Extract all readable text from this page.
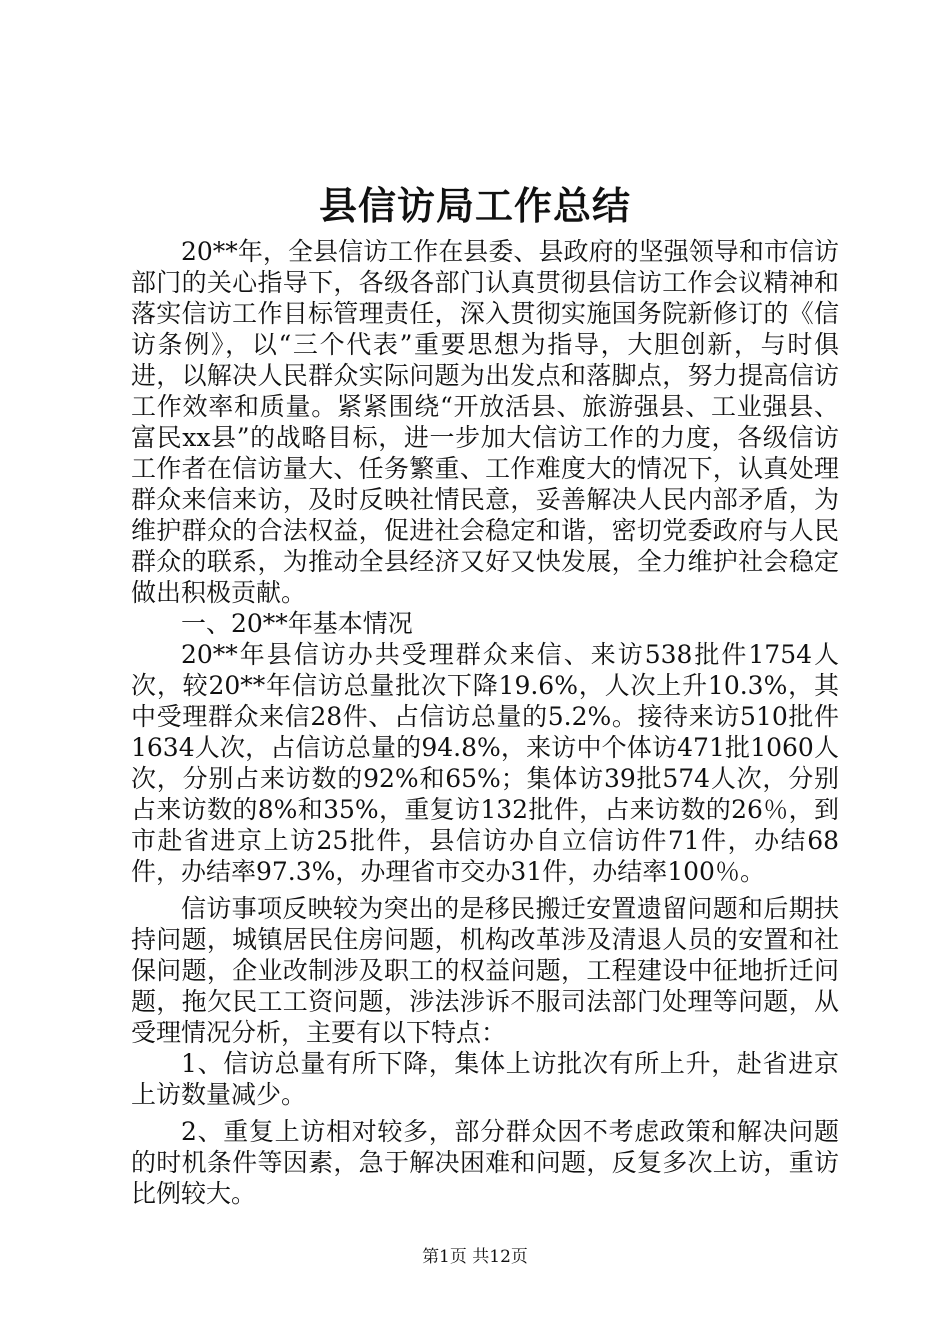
县信访局工作总结

20**年，全县信访工作在县委、县政府的坚强领导和市信访部门的关心指导下，各级各部门认真贯彻县信访工作会议精神和落实信访工作目标管理责任，深入贯彻实施国务院新修订的《信访条例》，以“三个代表”重要思想为指导，大胆创新，与时俱进，以解决人民群众实际问题为出发点和落脚点，努力提高信访工作效率和质量。紧紧围绕“开放活县、旅游强县、工业强县、富民xx县”的战略目标，进一步加大信访工作的力度，各级信访工作者在信访量大、任务繁重、工作难度大的情况下，认真处理群众来信来访，及时反映社情民意，妥善解决人民内部矛盾，为维护群众的合法权益，促进社会稳定和谐，密切党委政府与人民群众的联系，为推动全县经济又好又快发展，全力维护社会稳定做出积极贡献。

一、20**年基本情况

20**年县信访办共受理群众来信、来访538批件1754人次，较20**年信访总量批次下降19.6%，人次上升10.3%，其中受理群众来信28件、占信访总量的5.2%。接待来访510批件1634人次，占信访总量的94.8%，来访中个体访471批1060人次，分别占来访数的92%和65%；集体访39批574人次，分别占来访数的8%和35%，重复访132批件，占来访数的26％，到市赴省进京上访25批件，县信访办自立信访件71件，办结68件，办结率97.3%，办理省市交办31件，办结率100％。

信访事项反映较为突出的是移民搬迁安置遗留问题和后期扶持问题，城镇居民住房问题，机构改革涉及清退人员的安置和社保问题，企业改制涉及职工的权益问题，工程建设中征地折迁问题，拖欠民工工资问题，涉法涉诉不服司法部门处理等问题，从受理情况分析，主要有以下特点：

1、信访总量有所下降，集体上访批次有所上升，赴省进京上访数量减少。

2、重复上访相对较多，部分群众因不考虑政策和解决问题的时机条件等因素，急于解决困难和问题，反复多次上访，重访比例较大。

第1页 共12页
